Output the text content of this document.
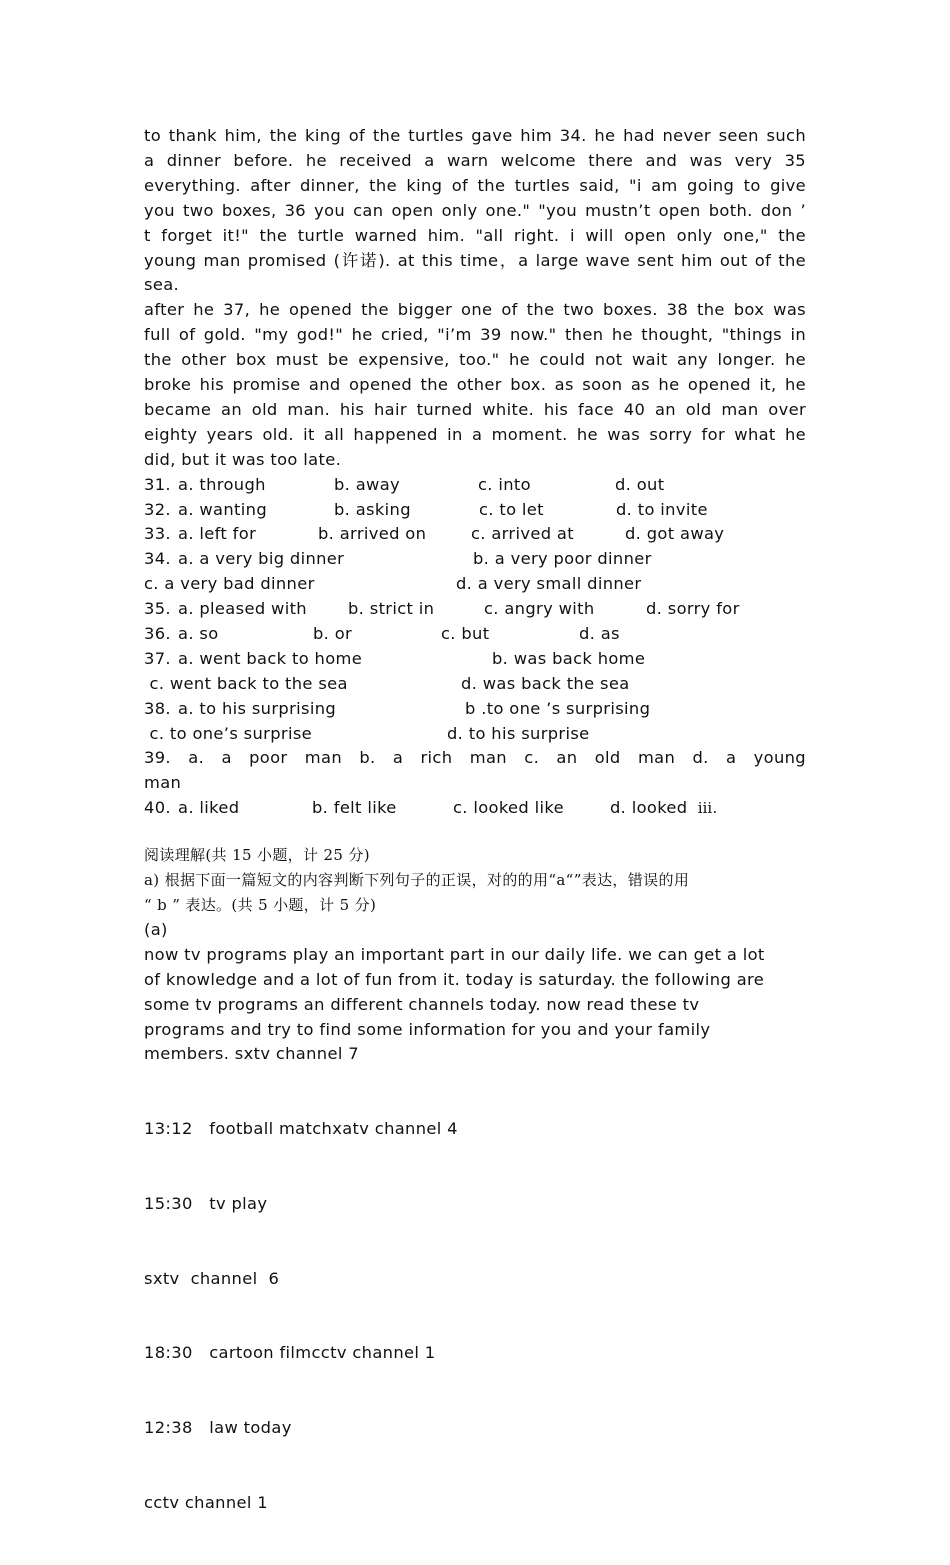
to thank him, the king of the turtles gave him 34. he had never seen such

a dinner before. he received a warn welcome there and was very 35

everything. after dinner, the king of the turtles said, "i am going to give

you two boxes, 36 you can open only one." "you mustn’t open both. don ’

t forget it!" the turtle warned him. "all right. i will open only one," the

young man promised (许诺). at this time，a large wave sent him out of the

sea.

after he 37, he opened the bigger one of the two boxes. 38 the box was

full of gold. "my god!" he cried, "i’m 39 now." then he thought, "things in

the other box must be expensive, too." he could not wait any longer. he

broke his promise and opened the other box. as soon as he opened it, he

became an old man. his hair turned white. his face 40 an old man over

eighty years old. it all happened in a moment. he was sorry for what he

did, but it was too late.

31. a. through	b. away	c. into	d. out
32. a. wanting	b. asking	c. to let	d. to invite
33. a. left for	b. arrived on	c. arrived at	d. got away
34. a. a very big dinner	b. a very poor dinner
c. a very bad dinner	d. a very small dinner
35. a. pleased with	b. strict in	c. angry with	d. sorry for
36. a. so	b. or	c. but	d. as
37. a. went back to home	b. was back home
c. went back to the sea	d. was back the sea
38. a. to his surprising	b .to one ’s surprising
c. to one’s surprise	d. to his surprise

39. a. a poor man b. a rich man c. an old man d. a young

man

40. a. liked	b. felt like	c. looked like	d. looked ⅲ.

阅读理解(共 15 小题，计 25 分)

a) 根据下面一篇短文的内容判断下列句子的正误，对的的用“a“”表达，错误的用

“ b ” 表达。(共 5 小题，计 5 分)

(a)

now tv programs play an important part in our daily life. we can get a lot

of knowledge and a lot of fun from it. today is saturday. the following are

some tv programs an different channels today. now read these tv

programs and try to find some information for you and your family

members. sxtv channel 7

13:12   football matchxatv channel 4

15:30   tv play

sxtv  channel  6

18:30   cartoon filmcctv channel 1

12:38   law today

cctv channel 1
